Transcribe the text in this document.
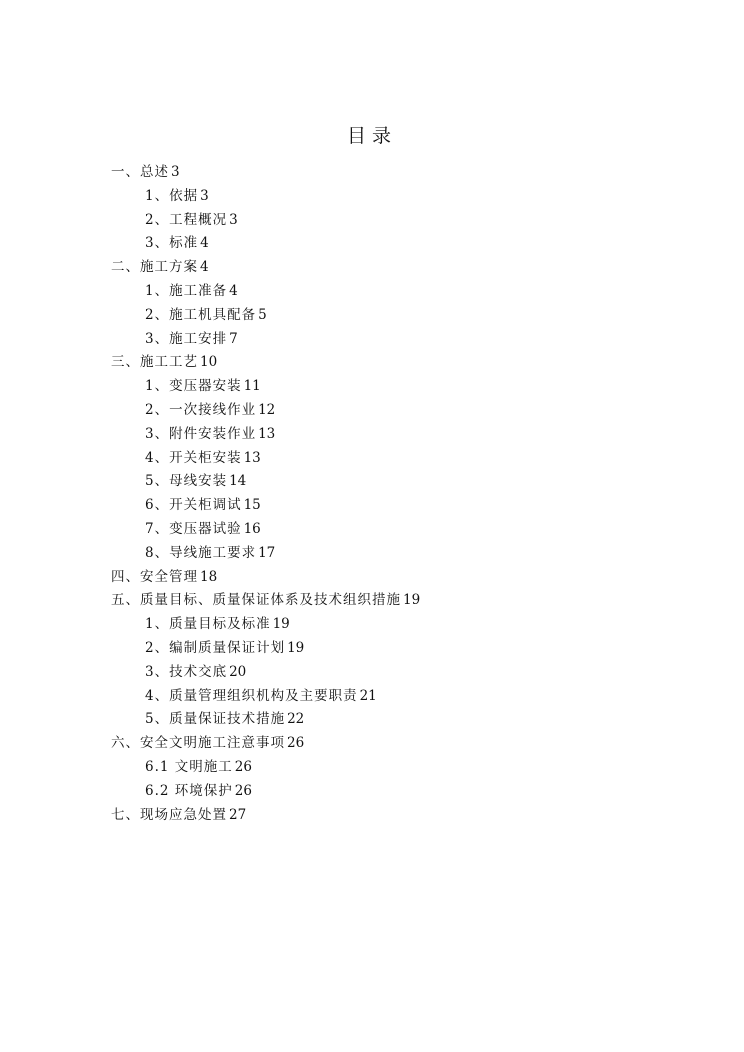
目录
一、总述 3
1、依据 3
2、工程概况 3
3、标准 4
二、施工方案 4
1、施工准备 4
2、施工机具配备 5
3、施工安排 7
三、施工工艺 10
1、变压器安装 11
2、一次接线作业 12
3、附件安装作业 13
4、开关柜安装 13
5、母线安装 14
6、开关柜调试 15
7、变压器试验 16
8、导线施工要求 17
四、安全管理 18
五、质量目标、质量保证体系及技术组织措施 19
1、质量目标及标准 19
2、编制质量保证计划 19
3、技术交底 20
4、质量管理组织机构及主要职责 21
5、质量保证技术措施 22
六、安全文明施工注意事项 26
6.1 文明施工 26
6.2 环境保护 26
七、现场应急处置 27
